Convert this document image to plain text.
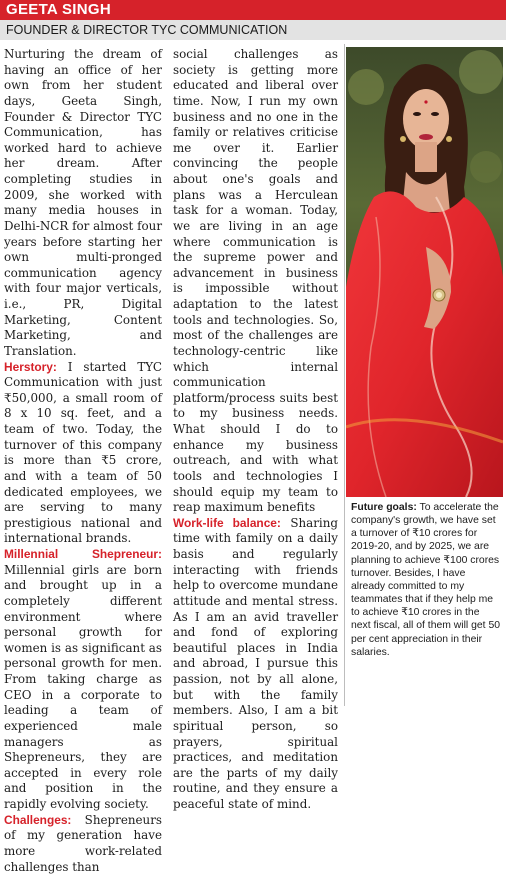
GEETA SINGH
FOUNDER & DIRECTOR TYC COMMUNICATION

Nurturing the dream of having an office of her own from her student days, Geeta Singh, Founder & Director TYC Communication, has worked hard to achieve her dream. After completing studies in 2009, she worked with many media houses in Delhi-NCR for almost four years before starting her own multi-pronged communication agency with four major verticals, i.e., PR, Digital Marketing, Content Marketing, and Translation.

Herstory: I started TYC Communication with just ₹50,000, a small room of 8 x 10 sq. feet, and a team of two. Today, the turnover of this company is more than ₹5 crore, and with a team of 50 dedicated employees, we are serving to many prestigious national and international brands.

Millennial Shepreneur: Millennial girls are born and brought up in a completely different environment where personal growth for women is as significant as personal growth for men. From taking charge as CEO in a corporate to leading a team of experienced male managers as Shepreneurs, they are accepted in every role and position in the rapidly evolving society.

Challenges: Shepreneurs of my generation have more work-related challenges than

social challenges as society is getting more educated and liberal over time. Now, I run my own business and no one in the family or relatives criticise me over it. Earlier convincing the people about one's goals and plans was a Herculean task for a woman. Today, we are living in an age where communication is the supreme power and advancement in business is impossible without adaptation to the latest tools and technologies. So, most of the challenges are technology-centric like which internal communication platform/process suits best to my business needs. What should I do to enhance my business outreach, and with what tools and technologies I should equip my team to reap maximum benefits

Work-life balance: Sharing time with family on a daily basis and regularly interacting with friends help to overcome mundane attitude and mental stress. As I am an avid traveller and fond of exploring beautiful places in India and abroad, I pursue this passion, not by all alone, but with the family members. Also, I am a bit spiritual person, so prayers, spiritual practices, and meditation are the parts of my daily routine, and they ensure a peaceful state of mind.

Future goals: To accelerate the company's growth, we have set a turnover of ₹10 crores for 2019-20, and by 2025, we are planning to achieve ₹100 crores turnover. Besides, I have already committed to my teammates that if they help me to achieve ₹10 crores in the next fiscal, all of them will get 50 per cent appreciation in their salaries.
